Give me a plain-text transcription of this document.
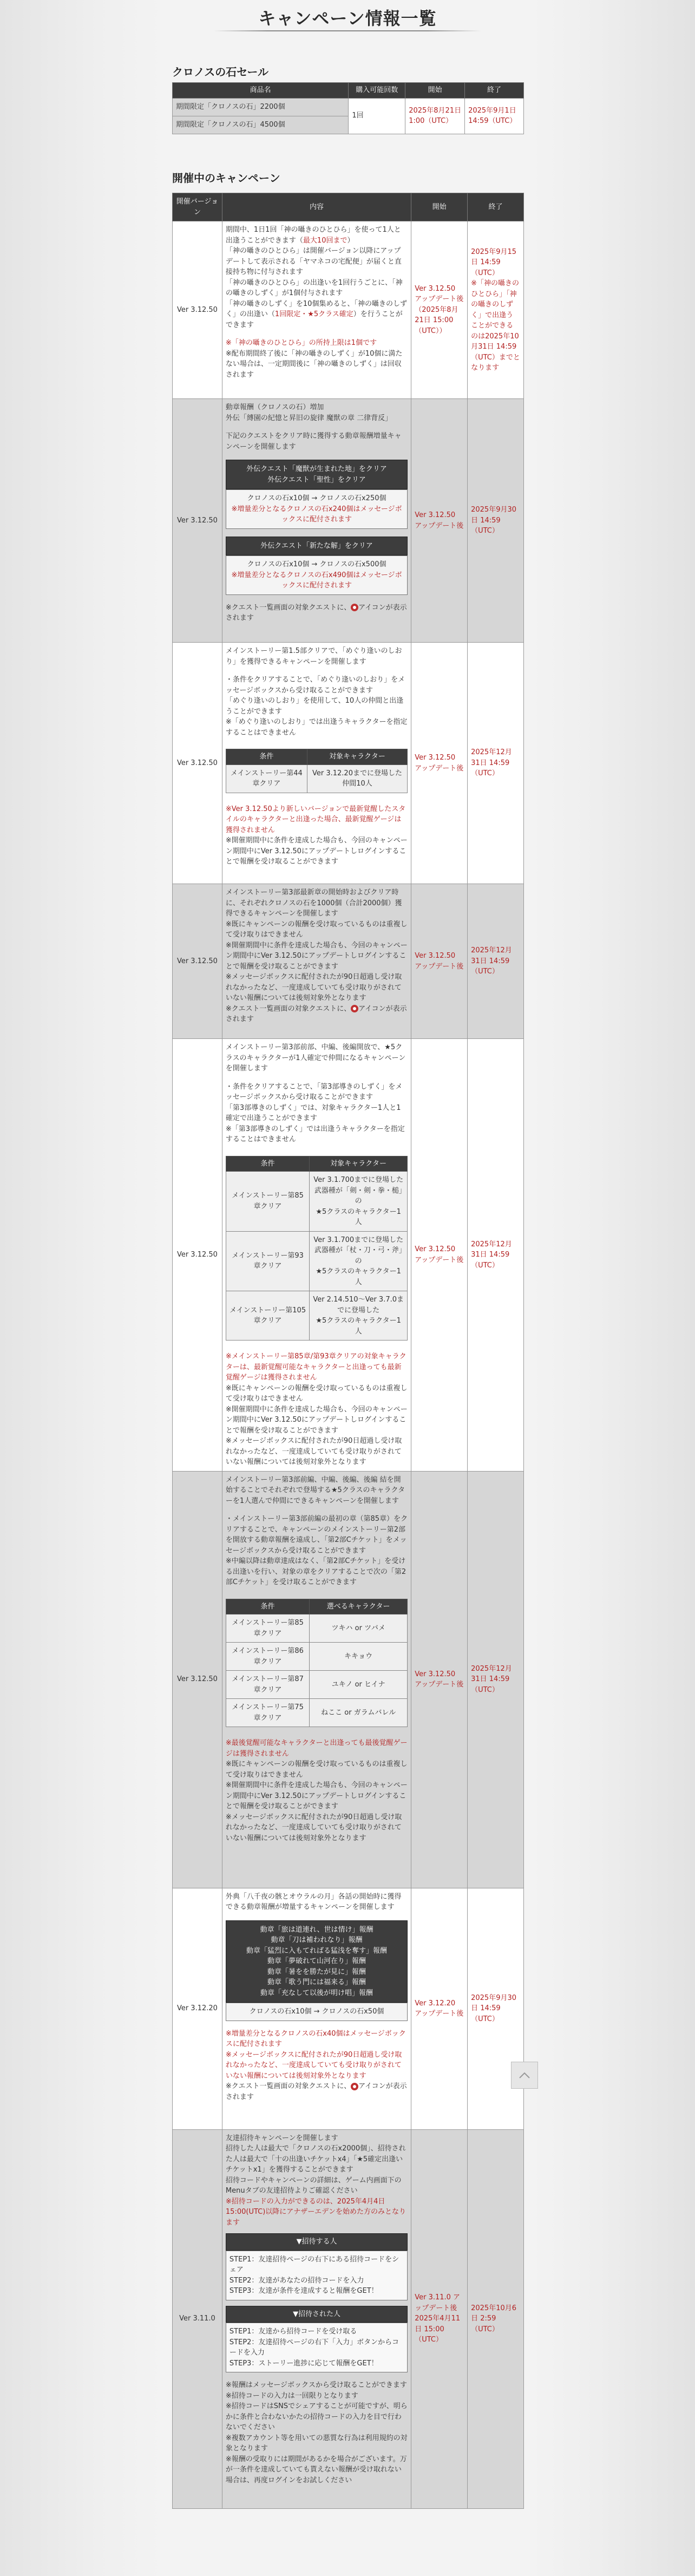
キャンペーン情報一覧
クロノスの石セール
商品名	購入可能回数	開始	終了
期間限定「クロノスの石」2200個	1回	2025年8月21日 1:00（UTC）	2025年9月1日 14:59（UTC）
期間限定「クロノスの石」4500個			
開催中のキャンペーン
開催バージョン	内容	開始	終了
Ver 3.12.50	

期間中、1日1回「神の囁きのひとひら」を使って1人と出逢うことができます（最大10回まで）

「神の囁きのひとひら」は開催バージョン以降にアップデートして表示される「ヤマネコの宅配便」が届くと直接持ち物に付与されます

「神の囁きのひとひら」の出逢いを1回行うごとに、「神の囁きのしずく」が1個付与されます

「神の囁きのしずく」を10個集めると、「神の囁きのしずく」の出逢い（1回限定・★5クラス確定）を行うことができます

※「神の囁きのひとひら」の所持上限は1個です

※配布期間終了後に「神の囁きのしずく」が10個に満たない場合は、一定期間後に「神の囁きのしずく」は回収されます

	Ver 3.12.50 アップデート後（2025年8月21日 15:00（UTC））	2025年9月15日 14:59（UTC）
※「神の囁きのひとひら」「神の囁きのしずく」で出逢うことができるのは2025年10月31日 14:59（UTC）までとなります
Ver 3.12.50	

動章報酬（クロノスの石）増加
外伝「縛園の紀憶と昇旧の旋律 魔獣の章 二律背反」

下記のクエストをクリア時に獲得する動章報酬増量キャンペーンを開催します

外伝クエスト「魔獣が生まれた地」をクリア
外伝クエスト「聖性」をクリア
クロノスの石x10個 → クロノスの石x250個
※増量差分となるクロノスの石x240個はメッセージボックスに配付されます
外伝クエスト「新たな解」をクリア
クロノスの石x10個 → クロノスの石x500個
※増量差分となるクロノスの石x490個はメッセージボックスに配付されます

※クエスト一覧画面の対象クエストに、 アイコンが表示されます

	Ver 3.12.50 アップデート後	2025年9月30日 14:59（UTC）
Ver 3.12.50	

メインストーリー第1.5部クリアで、「めぐり逢いのしおり」を獲得できるキャンペーンを開催します

・条件をクリアすることで、「めぐり逢いのしおり」をメッセージボックスから受け取ることができます
「めぐり逢いのしおり」を使用して、10人の仲間と出逢うことができます
※「めぐり逢いのしおり」では出逢うキャラクターを指定することはできません

条件	対象キャラクター
メインストーリー第44章クリア	Ver 3.12.20までに登場した仲間10人

※Ver 3.12.50より新しいバージョンで最新覚醒したスタイルのキャラクターと出逢った場合、最新覚醒ゲージは獲得されません

※開催期間中に条件を達成した場合も、今回のキャンペーン期間中にVer 3.12.50にアップデートしログインすることで報酬を受け取ることができます

	Ver 3.12.50 アップデート後	2025年12月31日 14:59（UTC）
Ver 3.12.50	

メインストーリー第3部最新章の開始時およびクリア時に、それぞれクロノスの石を1000個（合計2000個）獲得できるキャンペーンを開催します

※既にキャンペーンの報酬を受け取っているものは重複して受け取りはできません
※開催期間中に条件を達成した場合も、今回のキャンペーン期間中にVer 3.12.50にアップデートしログインすることで報酬を受け取ることができます
※メッセージボックスに配付されたが90日超過し受け取れなかったなど、一度達成していても受け取りがされていない報酬については後刻対象外となります
※クエスト一覧画面の対象クエストに、 アイコンが表示されます	Ver 3.12.50 アップデート後	2025年12月31日 14:59（UTC）
Ver 3.12.50	

メインストーリー第3部前部、中編、後編開放で、★5クラスのキャラクターが1人確定で仲間になるキャンペーンを開催します

・条件をクリアすることで、「第3部導きのしずく」をメッセージボックスから受け取ることができます
「第3部導きのしずく」では、対象キャラクター1人と1確定で出逢うことができます
※「第3部導きのしずく」では出逢うキャラクターを指定することはできません

条件	対象キャラクター
メインストーリー第85章クリア	Ver 3.1.700までに登場した武器種が「剣・剣・拳・槌」の
★5クラスのキャラクター1人
メインストーリー第93章クリア	Ver 3.1.700までに登場した武器種が「杖・刀・弓・斧」の
★5クラスのキャラクター1人
メインストーリー第105章クリア	Ver 2.14.510〜Ver 3.7.0までに登場した
★5クラスのキャラクター1人

※メインストーリー第85章/第93章クリアの対象キャラクターは、最新覚醒可能なキャラクターと出逢っても最新覚醒ゲージは獲得されません

※既にキャンペーンの報酬を受け取っているものは重複して受け取りはできません
※開催期間中に条件を達成した場合も、今回のキャンペーン期間中にVer 3.12.50にアップデートしログインすることで報酬を受け取ることができます
※メッセージボックスに配付されたが90日超過し受け取れなかったなど、一度達成していても受け取りがされていない報酬については後刻対象外となります

	Ver 3.12.50 アップデート後	2025年12月31日 14:59（UTC）
Ver 3.12.50	

メインストーリー第3部前編、中編、後編、後編 結を開始することでそれぞれで登場する★5クラスのキャラクターを1人選んで仲間にできるキャンペーンを開催します

・メインストーリー第3部前編の最初の章（第85章）をクリアすることで、キャンペーンのメインストーリー第2部を開放する動章報酬を遠成し、「第2部Cチケット」をメッセージボックスから受け取ることができます
※中編以降は動章達成はなく、「第2部Cチケット」を受ける出逢いを行い、対象の章をクリアすることで次の「第2部Cチケット」を受け取ることができます

条件	選べるキャラクター
メインストーリー第85章クリア	ツキハ or ツバメ
メインストーリー第86章クリア	キキョウ
メインストーリー第87章クリア	ユキノ or ヒイナ
メインストーリー第75章クリア	ねここ or ガラムバレル

※最後覚醒可能なキャラクターと出逢っても最後覚醒ゲージは獲得されません

※既にキャンペーンの報酬を受け取っているものは重複して受け取りはできません
※開催期間中に条件を達成した場合も、今回のキャンペーン期間中にVer 3.12.50にアップデートしログインすることで報酬を受け取ることができます
※メッセージボックスに配付されたが90日超過し受け取れなかったなど、一度達成していても受け取りがされていない報酬については後刻対象外となります

	Ver 3.12.50 アップデート後	2025年12月31日 14:59（UTC）
Ver 3.12.20	

外典「八千夜の骸とオウラルの月」各話の開始時に獲得できる動章報酬が増量するキャンペーンを開催します

動章「旅は道連れ、世は情け」報酬
動章「刀は補われなり」報酬
動章「猛烈に入もてればる猛浅を奪す」報酬
動章「夢破れて山河在り」報酬
動章「暑をを勝たが見に」報酬
動章「歌う門には福来る」報酬
動章「充なして以後が明け唱」報酬
クロノスの石x10個 → クロノスの石x50個

※増量差分となるクロノスの石x40個はメッセージボックスに配付されます
※メッセージボックスに配付されたが90日超過し受け取れなかったなど、一度達成していても受け取りがされていない報酬については後刻対象外となります

※クエスト一覧画面の対象クエストに、 アイコンが表示されます

	Ver 3.12.20 アップデート後	2025年9月30日 14:59（UTC）
Ver 3.11.0	

友達招待キャンペーンを開催します
招待した人は最大で「クロノスの石x2000個」、招待された人は最大で「十の出逢いチケットx4」「★5確定出逢いチケットx1」を獲得することができます
招待コードやキャンペーンの詳細は、ゲーム内画面下のMenuタブの友達招待よりご確認ください

※招待コードの入力ができるのは、2025年4月4日15:00(UTC)以降にアナザーエデンを始めた方のみとなります

▼招待する人
STEP1：友達招待ページの右下にある招待コードをシェア
STEP2：友達があなたの招待コードを入力
STEP3：友達が条件を達成すると報酬をGET！
▼招待された人
STEP1：友達から招待コードを受け取る
STEP2：友達招待ページの右下「入力」ボタンからコードを入力
STEP3：ストーリー進捗に応じて報酬をGET！

※報酬はメッセージボックスから受け取ることができます
※招待コードの入力は一回限りとなります
※招待コードはSNSでシェアすることが可能ですが、明らかに条件と合わないかたの招待コードの入力を目で行わないでください
※複数アカウント等を用いての悪質な行為は利用規約の対象となります
※報酬の受取りには期間があるかを場合がございます。万が一条件を達成していても貰えない報酬が受け取れない場合は、再度ログインをお試しください

	Ver 3.11.0 アップデート後 2025年4月11日 15:00（UTC）	2025年10月6日 2:59（UTC）
